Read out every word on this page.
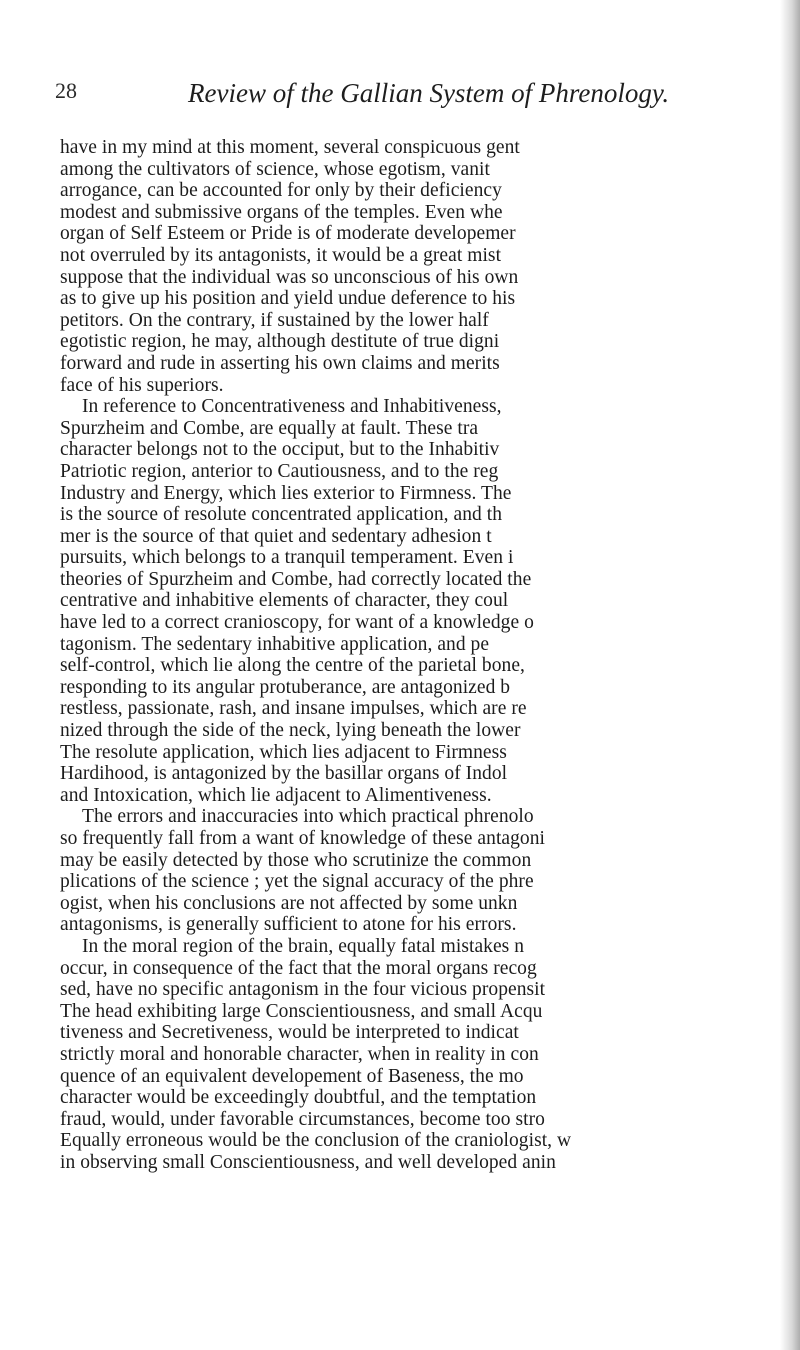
28	Review of the Gallian System of Phrenology.
have in my mind at this moment, several conspicuous gent
among the cultivators of science, whose egotism, vanit
arrogance, can be accounted for only by their deficiency
modest and submissive organs of the temples. Even whe
organ of Self Esteem or Pride is of moderate developemer
not overruled by its antagonists, it would be a great mist
suppose that the individual was so unconscious of his own
as to give up his position and yield undue deference to his
petitors. On the contrary, if sustained by the lower half
egotistic region, he may, although destitute of true digni
forward and rude in asserting his own claims and merits
face of his superiors.
In reference to Concentrativeness and Inhabitiveness,
Spurzheim and Combe, are equally at fault. These tra
character belongs not to the occiput, but to the Inhabitiv
Patriotic region, anterior to Cautiousness, and to the reg
Industry and Energy, which lies exterior to Firmness. The
is the source of resolute concentrated application, and th
mer is the source of that quiet and sedentary adhesion t
pursuits, which belongs to a tranquil temperament. Even i
theories of Spurzheim and Combe, had correctly located the
centrative and inhabitive elements of character, they coul
have led to a correct cranioscopy, for want of a knowledge o
tagonism. The sedentary inhabitive application, and pe
self-control, which lie along the centre of the parietal bone,
responding to its angular protuberance, are antagonized b
restless, passionate, rash, and insane impulses, which are re
nized through the side of the neck, lying beneath the lower
The resolute application, which lies adjacent to Firmness
Hardihood, is antagonized by the basillar organs of Indol
and Intoxication, which lie adjacent to Alimentiveness.
The errors and inaccuracies into which practical phrenolo
so frequently fall from a want of knowledge of these antagoni
may be easily detected by those who scrutinize the common
plications of the science ; yet the signal accuracy of the phre
ogist, when his conclusions are not affected by some unkn
antagonisms, is generally sufficient to atone for his errors.
In the moral region of the brain, equally fatal mistakes n
occur, in consequence of the fact that the moral organs recog
sed, have no specific antagonism in the four vicious propensit
The head exhibiting large Conscientiousness, and small Acqu
tiveness and Secretiveness, would be interpreted to indicat
strictly moral and honorable character, when in reality in con
quence of an equivalent developement of Baseness, the mo
character would be exceedingly doubtful, and the temptation
fraud, would, under favorable circumstances, become too stro
Equally erroneous would be the conclusion of the craniologist, w
in observing small Conscientiousness, and well developed anin
